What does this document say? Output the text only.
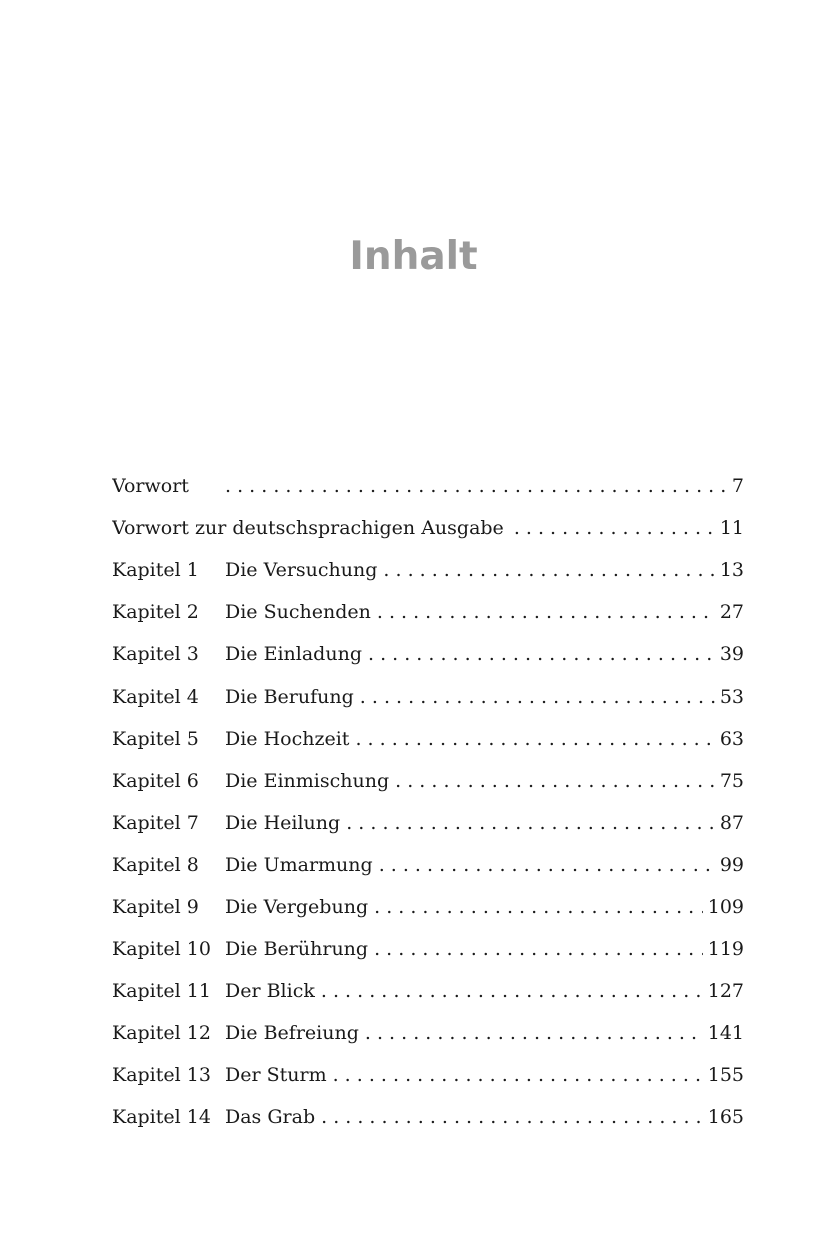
Inhalt
Vorwort . . .	7
Vorwort zur deutschsprachigen Ausgabe . . .	11
Kapitel 1	Die Versuchung . . .	13
Kapitel 2	Die Suchenden . . .	27
Kapitel 3	Die Einladung . . .	39
Kapitel 4	Die Berufung . . .	53
Kapitel 5	Die Hochzeit . . .	63
Kapitel 6	Die Einmischung . . .	75
Kapitel 7	Die Heilung . . .	87
Kapitel 8	Die Umarmung . . .	99
Kapitel 9	Die Vergebung . . .	109
Kapitel 10 Die Berührung . . .	119
Kapitel 11 Der Blick . . .	127
Kapitel 12 Die Befreiung . . .	141
Kapitel 13 Der Sturm . . .	155
Kapitel 14 Das Grab . . .	165
